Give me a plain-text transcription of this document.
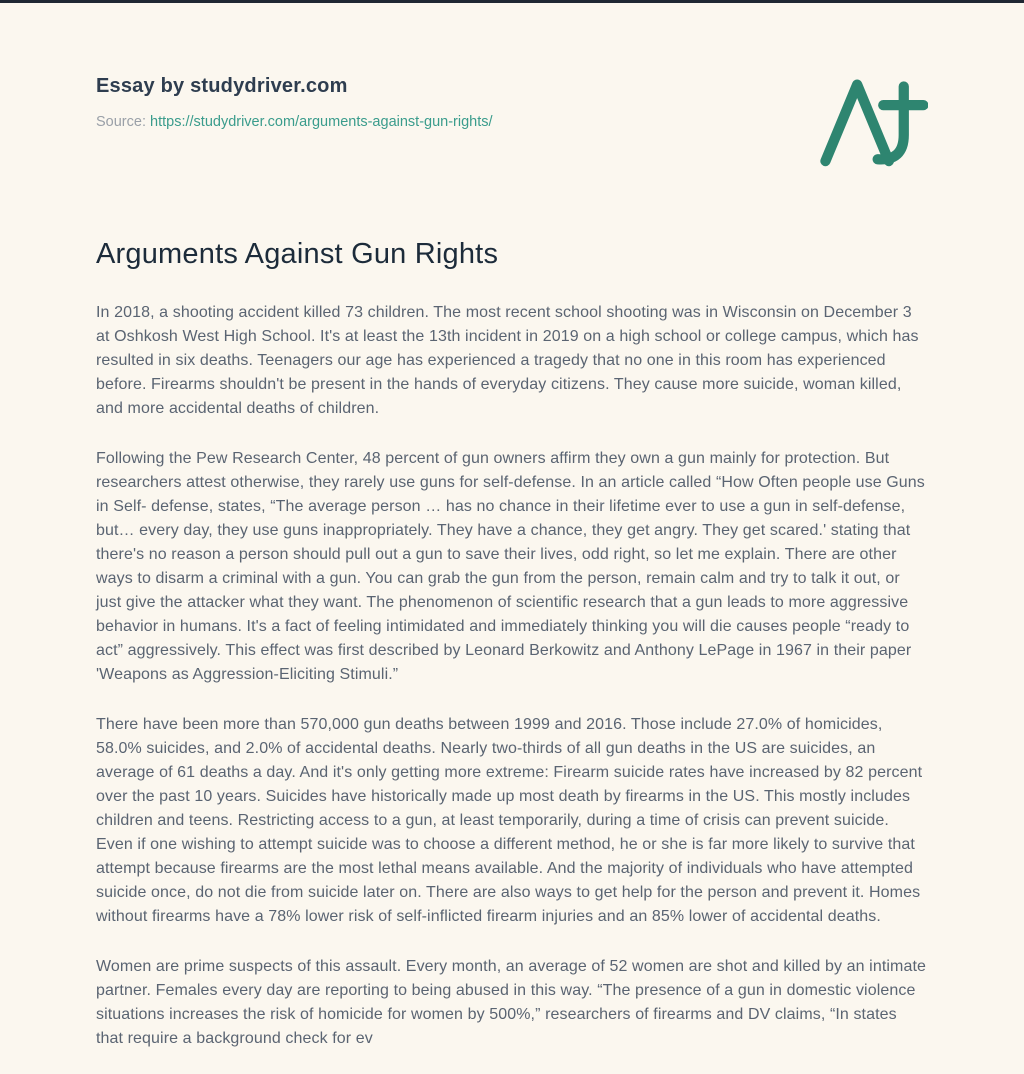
Essay by studydriver.com
Source: https://studydriver.com/arguments-against-gun-rights/
Arguments Against Gun Rights

In 2018, a shooting accident killed 73 children. The most recent school shooting was in Wisconsin on December 3 at Oshkosh West High School. It's at least the 13th incident in 2019 on a high school or college campus, which has resulted in six deaths. Teenagers our age has experienced a tragedy that no one in this room has experienced before. Firearms shouldn't be present in the hands of everyday citizens. They cause more suicide, woman killed, and more accidental deaths of children.

Following the Pew Research Center, 48 percent of gun owners affirm they own a gun mainly for protection. But researchers attest otherwise, they rarely use guns for self-defense. In an article called “How Often people use Guns in Self- defense, states, “The average person … has no chance in their lifetime ever to use a gun in self-defense, but… every day, they use guns inappropriately. They have a chance, they get angry. They get scared.' stating that there's no reason a person should pull out a gun to save their lives, odd right, so let me explain. There are other ways to disarm a criminal with a gun. You can grab the gun from the person, remain calm and try to talk it out, or just give the attacker what they want. The phenomenon of scientific research that a gun leads to more aggressive behavior in humans. It's a fact of feeling intimidated and immediately thinking you will die causes people “ready to act” aggressively. This effect was first described by Leonard Berkowitz and Anthony LePage in 1967 in their paper 'Weapons as Aggression-Eliciting Stimuli.”

There have been more than 570,000 gun deaths between 1999 and 2016. Those include 27.0% of homicides, 58.0% suicides, and 2.0% of accidental deaths. Nearly two-thirds of all gun deaths in the US are suicides, an average of 61 deaths a day. And it's only getting more extreme: Firearm suicide rates have increased by 82 percent over the past 10 years. Suicides have historically made up most death by firearms in the US. This mostly includes children and teens. Restricting access to a gun, at least temporarily, during a time of crisis can prevent suicide. Even if one wishing to attempt suicide was to choose a different method, he or she is far more likely to survive that attempt because firearms are the most lethal means available. And the majority of individuals who have attempted suicide once, do not die from suicide later on. There are also ways to get help for the person and prevent it. Homes without firearms have a 78% lower risk of self-inflicted firearm injuries and an 85% lower of accidental deaths.

Women are prime suspects of this assault. Every month, an average of 52 women are shot and killed by an intimate partner. Females every day are reporting to being abused in this way. “The presence of a gun in domestic violence situations increases the risk of homicide for women by 500%,” researchers of firearms and DV claims, “In states that require a background check for ev
